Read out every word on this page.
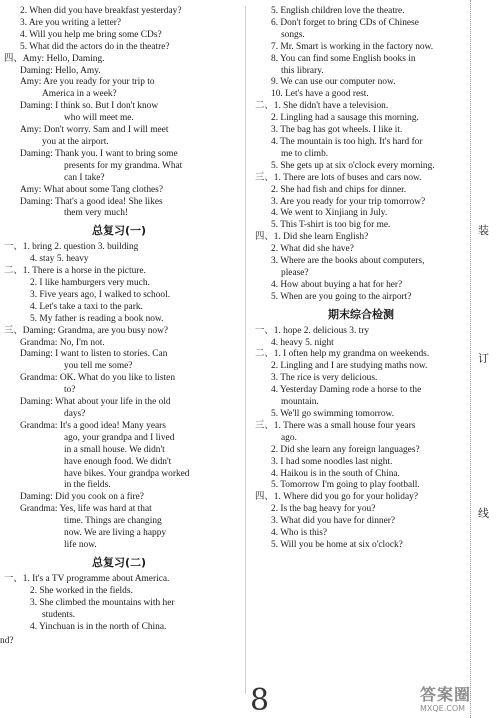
2. When did you have breakfast yesterday?
3. Are you writing a letter?
4. Will you help me bring some CDs?
5. What did the actors do in the theatre?
四、Amy: Hello, Daming.
Daming: Hello, Amy.
Amy: Are you ready for your trip to
America in a week?
Daming: I think so. But I don't know
who will meet me.
Amy: Don't worry. Sam and I will meet
you at the airport.
Daming: Thank you. I want to bring some
presents for my grandma. What
can I take?
Amy: What about some Tang clothes?
Daming: That's a good idea! She likes
them very much!
总复习(一)
一、1. bring 2. question 3. building
4. stay 5. heavy
二、1. There is a horse in the picture.
2. I like hamburgers very much.
3. Five years ago, I walked to school.
4. Let's take a taxi to the park.
5. My father is reading a book now.
三、Daming: Grandma, are you busy now?
Grandma: No, I'm not.
Daming: I want to listen to stories. Can
you tell me some?
Grandma: OK. What do you like to listen
to?
Daming: What about your life in the old
days?
Grandma: It's a good idea! Many years
ago, your grandpa and I lived
in a small house. We didn't
have enough food. We didn't
have bikes. Your grandpa worked
in the fields.
Daming: Did you cook on a fire?
Grandma: Yes, life was hard at that
time. Things are changing
now. We are living a happy
life now.
总复习(二)
一、1. It's a TV programme about America.
2. She worked in the fields.
3. She climbed the mountains with her
students.
4. Yinchuan is in the north of China.
5. English children love the theatre.
6. Don't forget to bring CDs of Chinese
songs.
7. Mr. Smart is working in the factory now.
8. You can find some English books in
this library.
9. We can use our computer now.
10. Let's have a good rest.
二、1. She didn't have a television.
2. Lingling had a sausage this morning.
3. The bag has got wheels. I like it.
4. The mountain is too high. It's hard for
me to climb.
5. She gets up at six o'clock every morning.
三、1. There are lots of buses and cars now.
2. She had fish and chips for dinner.
3. Are you ready for your trip tomorrow?
4. We went to Xinjiang in July.
5. This T-shirt is too big for me.
四、1. Did she learn English?
2. What did she have?
3. Where are the books about computers,
please?
4. How about buying a hat for her?
5. When are you going to the airport?
期末综合检测
一、1. hope 2. delicious 3. try
4. heavy 5. night
二、1. I often help my grandma on weekends.
2. Lingling and I are studying maths now.
3. The rice is very delicious.
4. Yesterday Daming rode a horse to the
mountain.
5. We'll go swimming tomorrow.
三、1. There was a small house four years
ago.
2. Did she learn any foreign languages?
3. I had some noodles last night.
4. Haikou is in the south of China.
5. Tomorrow I'm going to play football.
四、1. Where did you go for your holiday?
2. Is the bag heavy for you?
3. What did you have for dinner?
4. Who is this?
5. Will you be home at six o'clock?
装
订
线
nd?
8	答案圈
MXQE.COM
